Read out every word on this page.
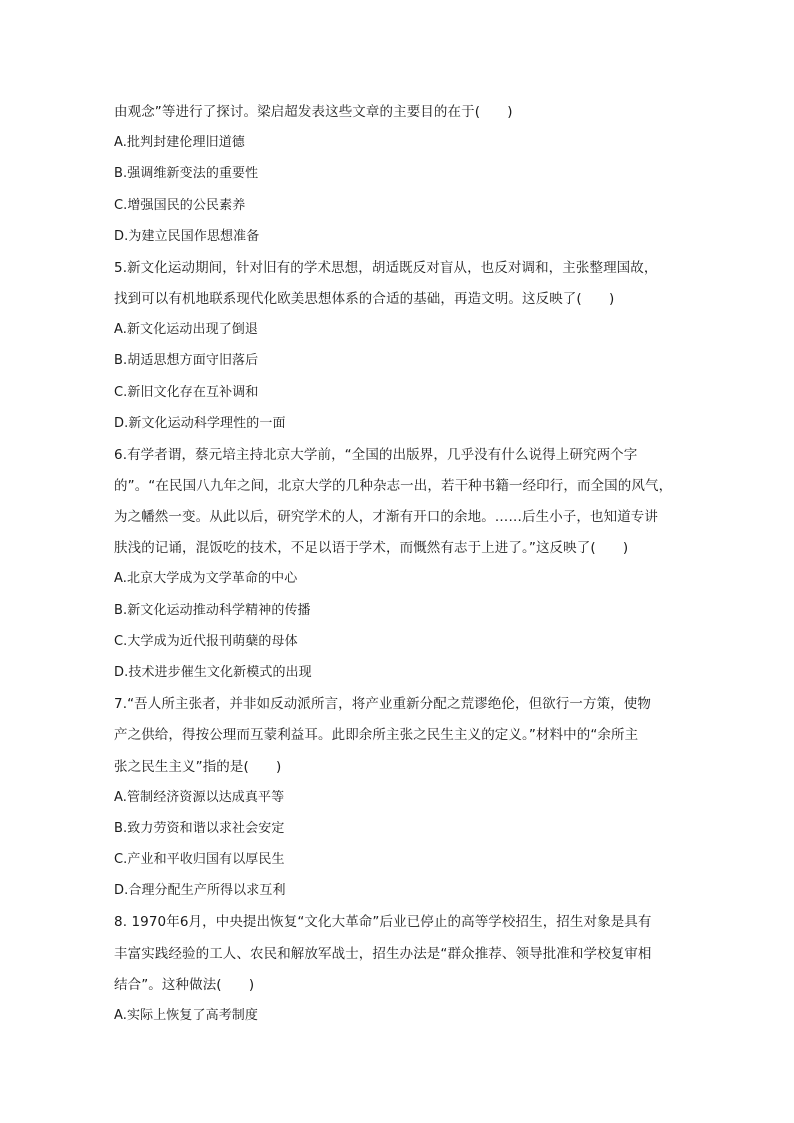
由观念”等进行了探讨。梁启超发表这些文章的主要目的在于(　　)
A.批判封建伦理旧道德
B.强调维新变法的重要性
C.增强国民的公民素养
D.为建立民国作思想准备
5.新文化运动期间，针对旧有的学术思想，胡适既反对盲从，也反对调和，主张整理国故，
找到可以有机地联系现代化欧美思想体系的合适的基础，再造文明。这反映了(　　)
A.新文化运动出现了倒退
B.胡适思想方面守旧落后
C.新旧文化存在互补调和
D.新文化运动科学理性的一面
6.有学者谓，蔡元培主持北京大学前，“全国的出版界，几乎没有什么说得上研究两个字
的”。“在民国八九年之间，北京大学的几种杂志一出，若干种书籍一经印行，而全国的风气，
为之幡然一变。从此以后，研究学术的人，才渐有开口的余地。……后生小子，也知道专讲
肤浅的记诵，混饭吃的技术，不足以语于学术，而慨然有志于上进了。”这反映了(　　)
A.北京大学成为文学革命的中心
B.新文化运动推动科学精神的传播
C.大学成为近代报刊萌蘖的母体
D.技术进步催生文化新模式的出现
7.“吾人所主张者，并非如反动派所言，将产业重新分配之荒谬绝伦，但欲行一方策，使物
产之供给，得按公理而互蒙利益耳。此即余所主张之民生主义的定义。”材料中的“余所主
张之民生主义”指的是(　　)
A.管制经济资源以达成真平等
B.致力劳资和谐以求社会安定
C.产业和平收归国有以厚民生
D.合理分配生产所得以求互利
8. 1970年6月，中央提出恢复“文化大革命”后业已停止的高等学校招生，招生对象是具有
丰富实践经验的工人、农民和解放军战士，招生办法是“群众推荐、领导批准和学校复审相
结合”。这种做法(　　)
A.实际上恢复了高考制度
